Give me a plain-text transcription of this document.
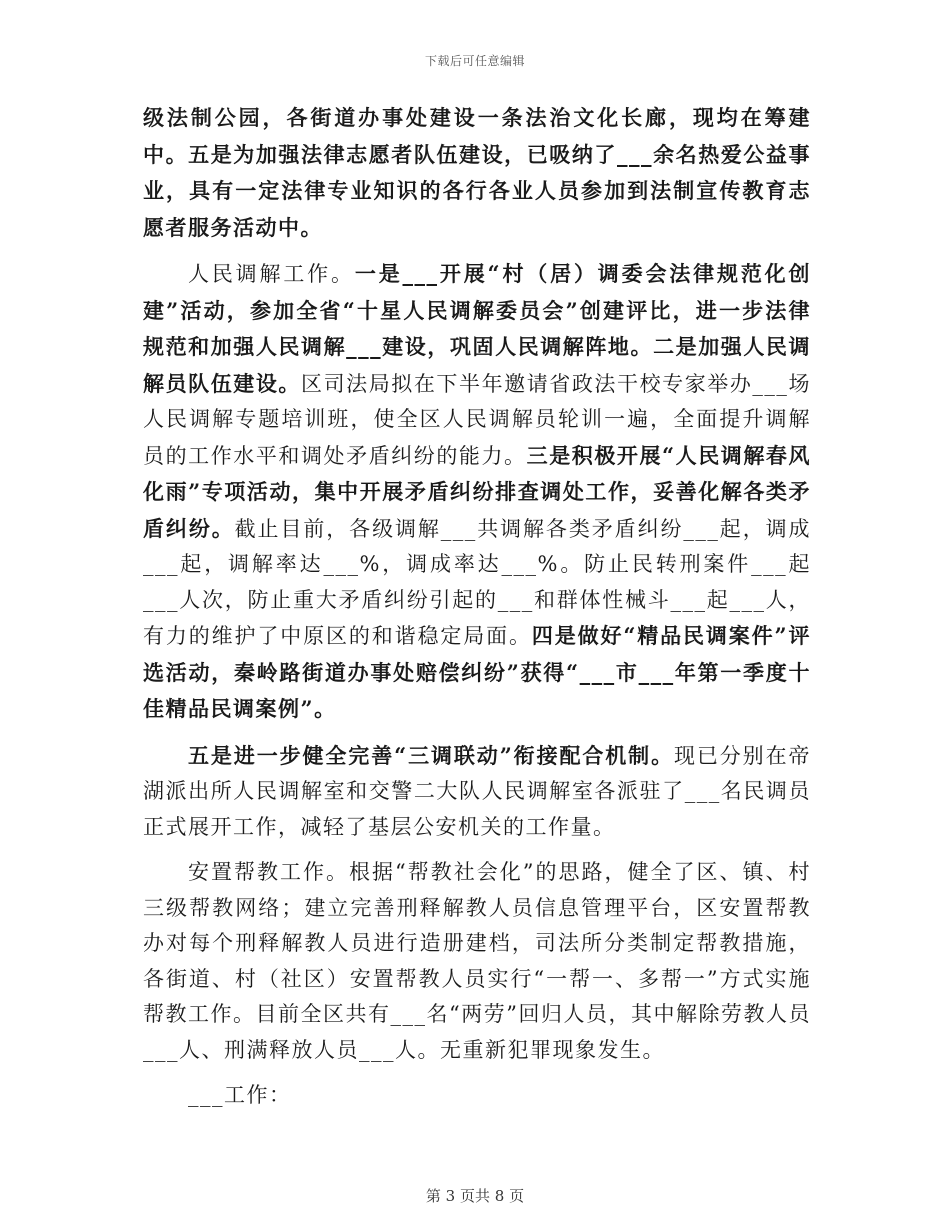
下载后可任意编辑

级法制公园，各街道办事处建设一条法治文化长廊，现均在筹建中。五是为加强法律志愿者队伍建设，已吸纳了___余名热爱公益事业，具有一定法律专业知识的各行各业人员参加到法制宣传教育志愿者服务活动中。

人民调解工作。一是___开展“村（居）调委会法律规范化创建”活动，参加全省“十星人民调解委员会”创建评比，进一步法律规范和加强人民调解___建设，巩固人民调解阵地。二是加强人民调解员队伍建设。区司法局拟在下半年邀请省政法干校专家举办___场人民调解专题培训班，使全区人民调解员轮训一遍，全面提升调解员的工作水平和调处矛盾纠纷的能力。三是积极开展“人民调解春风化雨”专项活动，集中开展矛盾纠纷排查调处工作，妥善化解各类矛盾纠纷。截止目前，各级调解___共调解各类矛盾纠纷___起，调成___起，调解率达___%，调成率达___%。防止民转刑案件___起___人次，防止重大矛盾纠纷引起的___和群体性械斗___起___人，有力的维护了中原区的和谐稳定局面。四是做好“精品民调案件”评选活动，秦岭路街道办事处赔偿纠纷”获得“___市___年第一季度十佳精品民调案例”。

五是进一步健全完善“三调联动”衔接配合机制。现已分别在帝湖派出所人民调解室和交警二大队人民调解室各派驻了___名民调员正式展开工作，减轻了基层公安机关的工作量。

安置帮教工作。根据“帮教社会化”的思路，健全了区、镇、村三级帮教网络；建立完善刑释解教人员信息管理平台，区安置帮教办对每个刑释解教人员进行造册建档，司法所分类制定帮教措施，各街道、村（社区）安置帮教人员实行“一帮一、多帮一”方式实施帮教工作。目前全区共有___名“两劳”回归人员，其中解除劳教人员___人、刑满释放人员___人。无重新犯罪现象发生。

___工作：

第 3 页共 8 页
